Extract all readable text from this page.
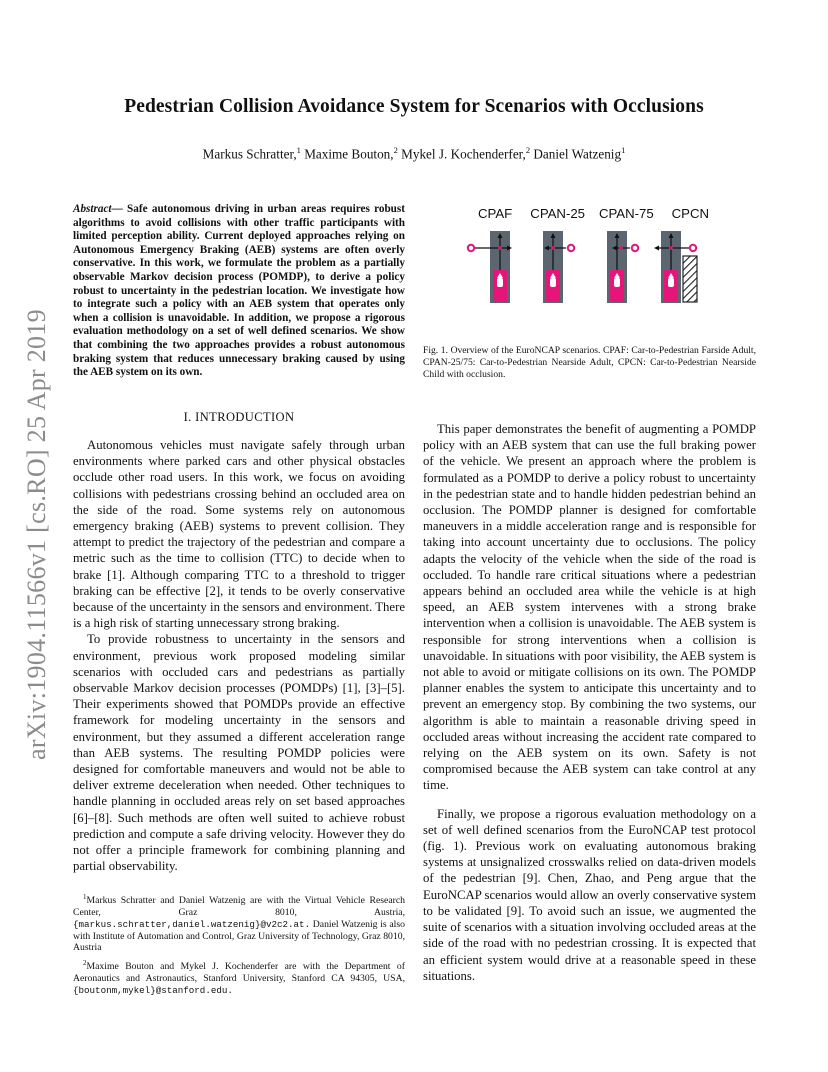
arXiv:1904.11566v1 [cs.RO] 25 Apr 2019
Pedestrian Collision Avoidance System for Scenarios with Occlusions
Markus Schratter,$^1$ Maxime Bouton,$^2$ Mykel J. Kochenderfer,$^2$ Daniel Watzenig$^1$
Abstract— Safe autonomous driving in urban areas requires robust algorithms to avoid collisions with other traffic participants with limited perception ability. Current deployed approaches relying on Autonomous Emergency Braking (AEB) systems are often overly conservative. In this work, we formulate the problem as a partially observable Markov decision process (POMDP), to derive a policy robust to uncertainty in the pedestrian location. We investigate how to integrate such a policy with an AEB system that operates only when a collision is unavoidable. In addition, we propose a rigorous evaluation methodology on a set of well defined scenarios. We show that combining the two approaches provides a robust autonomous braking system that reduces unnecessary braking caused by using the AEB system on its own.
I. INTRODUCTION

Autonomous vehicles must navigate safely through urban environments where parked cars and other physical obstacles occlude other road users. In this work, we focus on avoiding collisions with pedestrians crossing behind an occluded area on the side of the road. Some systems rely on autonomous emergency braking (AEB) systems to prevent collision. They attempt to predict the trajectory of the pedestrian and compare a metric such as the time to collision (TTC) to decide when to brake [1]. Although comparing TTC to a threshold to trigger braking can be effective [2], it tends to be overly conservative because of the uncertainty in the sensors and environment. There is a high risk of starting unnecessary strong braking.

To provide robustness to uncertainty in the sensors and environment, previous work proposed modeling similar scenarios with occluded cars and pedestrians as partially observable Markov decision processes (POMDPs) [1], [3]–[5]. Their experiments showed that POMDPs provide an effective framework for modeling uncertainty in the sensors and environment, but they assumed a different acceleration range than AEB systems. The resulting POMDP policies were designed for comfortable maneuvers and would not be able to deliver extreme deceleration when needed. Other techniques to handle planning in occluded areas rely on set based approaches [6]–[8]. Such methods are often well suited to achieve robust prediction and compute a safe driving velocity. However they do not offer a principle framework for combining planning and partial observability.

$^1$Markus Schratter and Daniel Watzenig are with the Virtual Vehicle Research Center, Graz 8010, Austria, {markus.schratter,daniel.watzenig}@v2c2.at. Daniel Watzenig is also with Institute of Automation and Control, Graz University of Technology, Graz 8010, Austria

$^2$Maxime Bouton and Mykel J. Kochenderfer are with the Department of Aeronautics and Astronautics, Stanford University, Stanford CA 94305, USA, {boutonm,mykel}@stanford.edu.

CPAF CPAN-25 CPAN-75 CPCN
Fig. 1. Overview of the EuroNCAP scenarios. CPAF: Car-to-Pedestrian Farside Adult, CPAN-25/75: Car-to-Pedestrian Nearside Adult, CPCN: Car-to-Pedestrian Nearside Child with occlusion.

This paper demonstrates the benefit of augmenting a POMDP policy with an AEB system that can use the full braking power of the vehicle. We present an approach where the problem is formulated as a POMDP to derive a policy robust to uncertainty in the pedestrian state and to handle hidden pedestrian behind an occlusion. The POMDP planner is designed for comfortable maneuvers in a middle acceleration range and is responsible for taking into account uncertainty due to occlusions. The policy adapts the velocity of the vehicle when the side of the road is occluded. To handle rare critical situations where a pedestrian appears behind an occluded area while the vehicle is at high speed, an AEB system intervenes with a strong brake intervention when a collision is unavoidable. The AEB system is responsible for strong interventions when a collision is unavoidable. In situations with poor visibility, the AEB system is not able to avoid or mitigate collisions on its own. The POMDP planner enables the system to anticipate this uncertainty and to prevent an emergency stop. By combining the two systems, our algorithm is able to maintain a reasonable driving speed in occluded areas without increasing the accident rate compared to relying on the AEB system on its own. Safety is not compromised because the AEB system can take control at any time.

Finally, we propose a rigorous evaluation methodology on a set of well defined scenarios from the EuroNCAP test protocol (fig. 1). Previous work on evaluating autonomous braking systems at unsignalized crosswalks relied on data-driven models of the pedestrian [9]. Chen, Zhao, and Peng argue that the EuroNCAP scenarios would allow an overly conservative system to be validated [9]. To avoid such an issue, we augmented the suite of scenarios with a situation involving occluded areas at the side of the road with no pedestrian crossing. It is expected that an efficient system would drive at a reasonable speed in these situations.
